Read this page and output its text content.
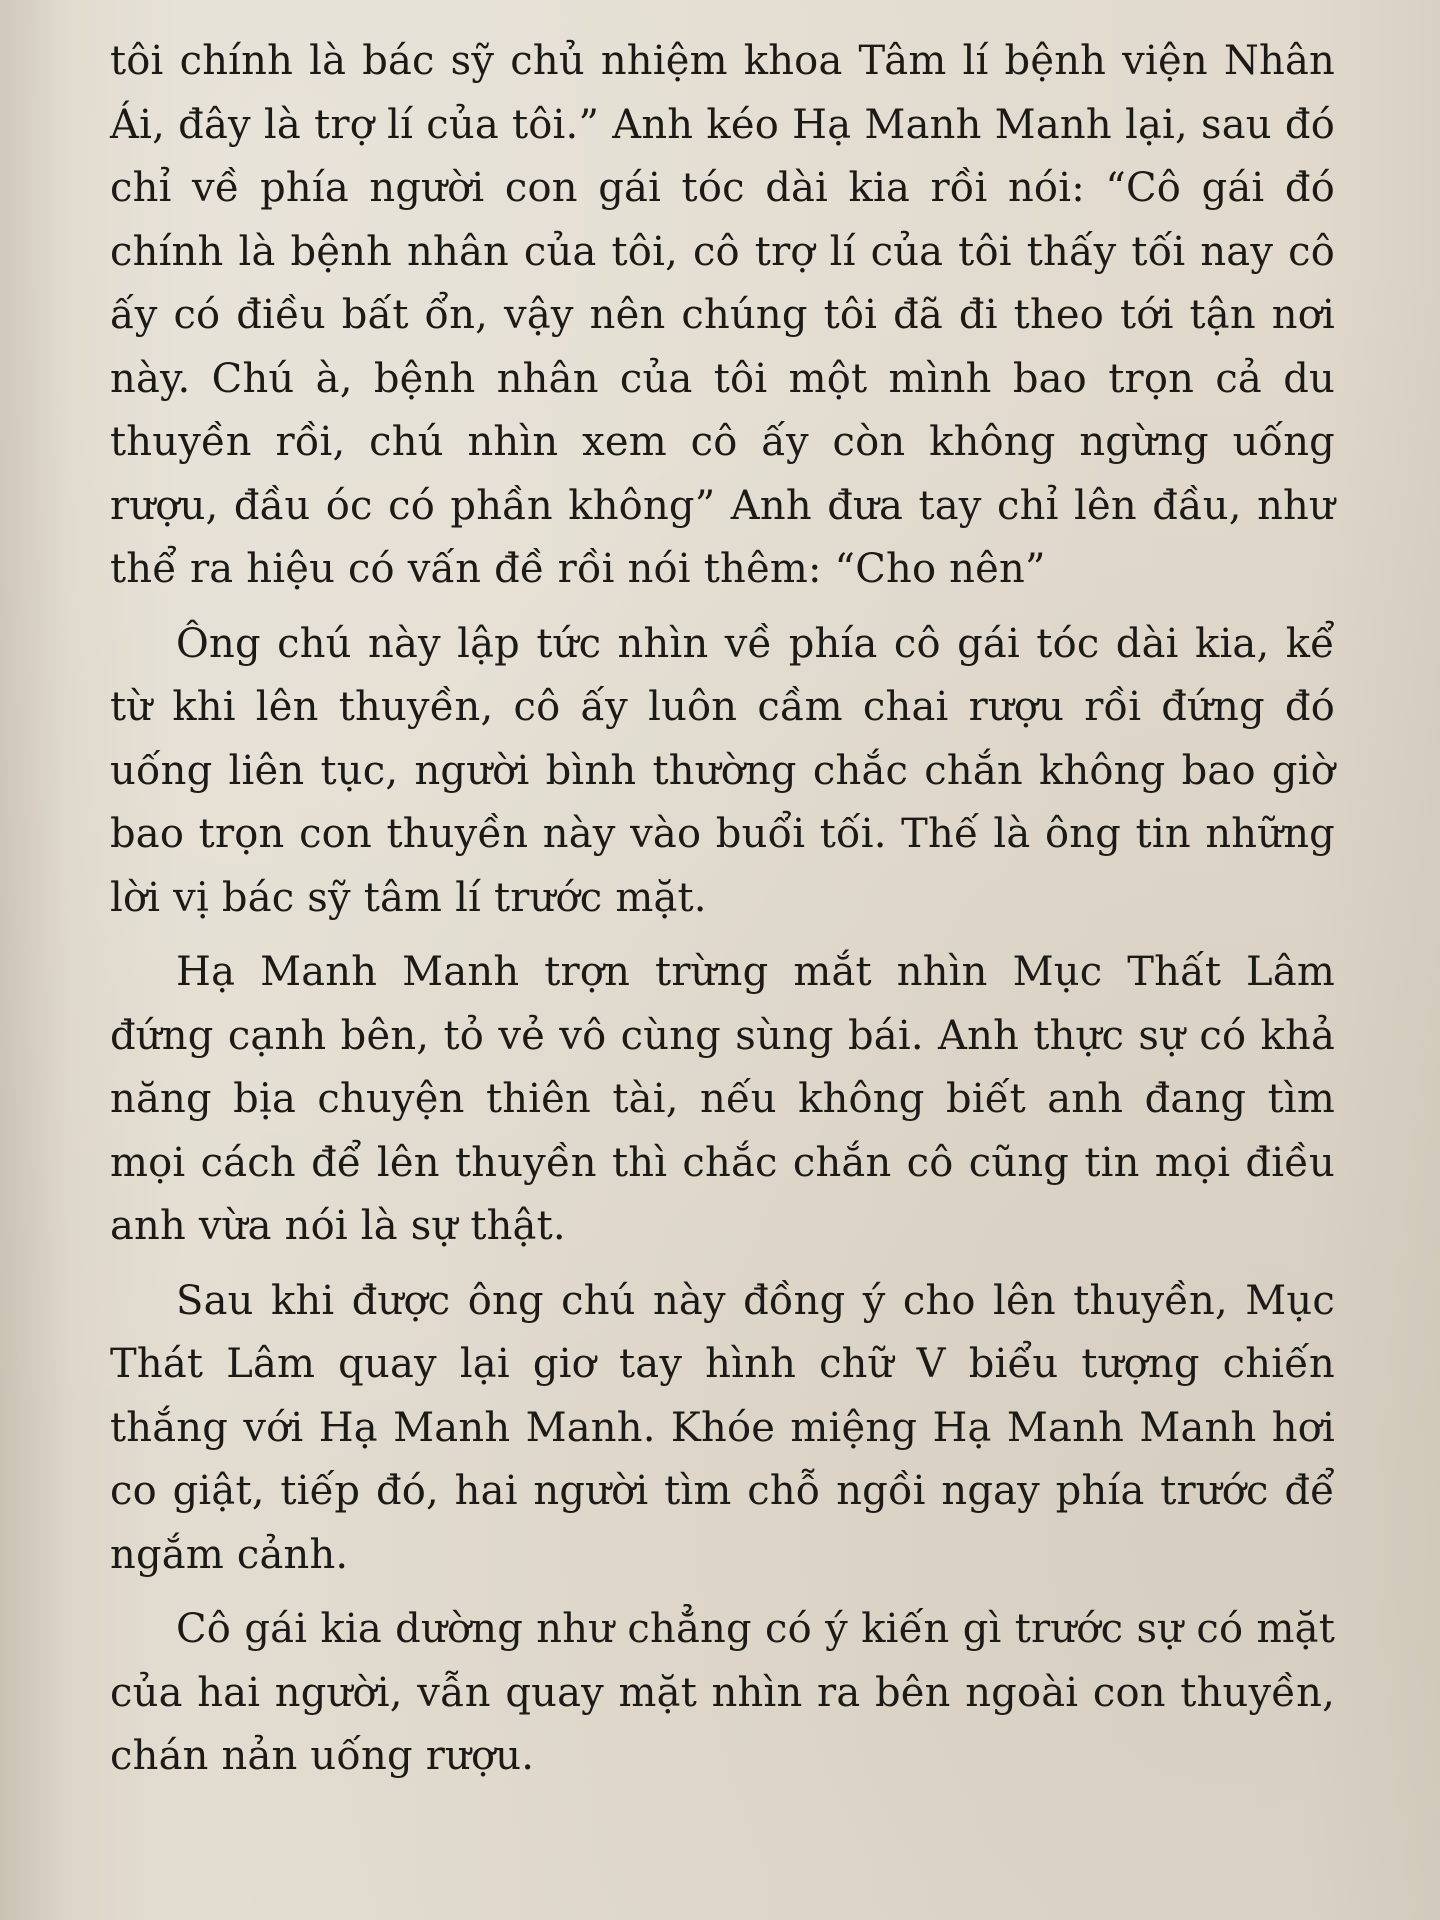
tôi chính là bác sỹ chủ nhiệm khoa Tâm lí bệnh viện Nhân Ái, đây là trợ lí của tôi.” Anh kéo Hạ Manh Manh lại, sau đó chỉ về phía người con gái tóc dài kia rồi nói: “Cô gái đó chính là bệnh nhân của tôi, cô trợ lí của tôi thấy tối nay cô ấy có điều bất ổn, vậy nên chúng tôi đã đi theo tới tận nơi này. Chú à, bệnh nhân của tôi một mình bao trọn cả du thuyền rồi, chú nhìn xem cô ấy còn không ngừng uống rượu, đầu óc có phần không” Anh đưa tay chỉ lên đầu, như thể ra hiệu có vấn đề rồi nói thêm: “Cho nên”

Ông chú này lập tức nhìn về phía cô gái tóc dài kia, kể từ khi lên thuyền, cô ấy luôn cầm chai rượu rồi đứng đó uống liên tục, người bình thường chắc chắn không bao giờ bao trọn con thuyền này vào buổi tối. Thế là ông tin những lời vị bác sỹ tâm lí trước mặt.

Hạ Manh Manh trợn trừng mắt nhìn Mục Thất Lâm đứng cạnh bên, tỏ vẻ vô cùng sùng bái. Anh thực sự có khả năng bịa chuyện thiên tài, nếu không biết anh đang tìm mọi cách để lên thuyền thì chắc chắn cô cũng tin mọi điều anh vừa nói là sự thật.

Sau khi được ông chú này đồng ý cho lên thuyền, Mục Thát Lâm quay lại giơ tay hình chữ V biểu tượng chiến thắng với Hạ Manh Manh. Khóe miệng Hạ Manh Manh hơi co giật, tiếp đó, hai người tìm chỗ ngồi ngay phía trước để ngắm cảnh.

Cô gái kia dường như chẳng có ý kiến gì trước sự có mặt của hai người, vẫn quay mặt nhìn ra bên ngoài con thuyền, chán nản uống rượu.
